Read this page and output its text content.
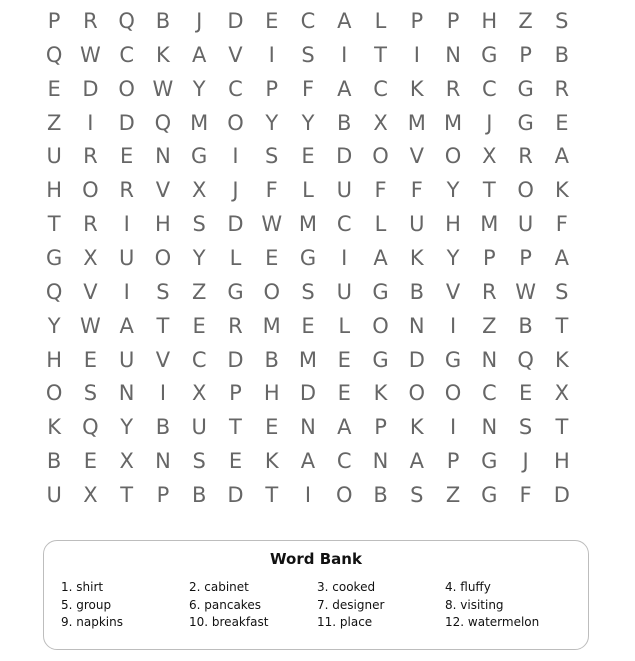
P	R Q B	J	D	E	C	A	L	P	P	H	Z	S
Q W C	K	A	V	I	S	I	T	I	N G	P	B
E	D O W Y	C	P	F	A	C	K	R	C G R
Z	I	D Q M O	Y	Y	B	X M M	J	G	E
U	R	E	N G	I	S	E	D O V O X	R	A
H O R	V	X	J	F	L	U	F	F	Y	T	O	K
T	R	I	H	S	D W M C	L	U H M U	F
G X	U O	Y	L	E	G	I	A	K	Y	P	P	A
Q V	I	S	Z G O	S	U G B	V	R W S
Y W A	T	E	R M E	L	O N	I	Z	B	T
H	E	U	V	C D B M E	G D G N Q	K
O	S	N	I	X	P	H D	E	K	O O C	E	X
K	Q	Y	B	U	T	E	N	A	P	K	I	N	S	T
B	E	X	N	S	E	K	A	C	N	A	P	G	J	H
U	X	T	P	B D	T	I	O B	S	Z G	F	D
Word Bank
1. shirt	2. cabinet	3. cooked	4. fluffy
5. group	6. pancakes	7. designer	8. visiting
9. napkins	10. breakfast	11. place	12. watermelon
